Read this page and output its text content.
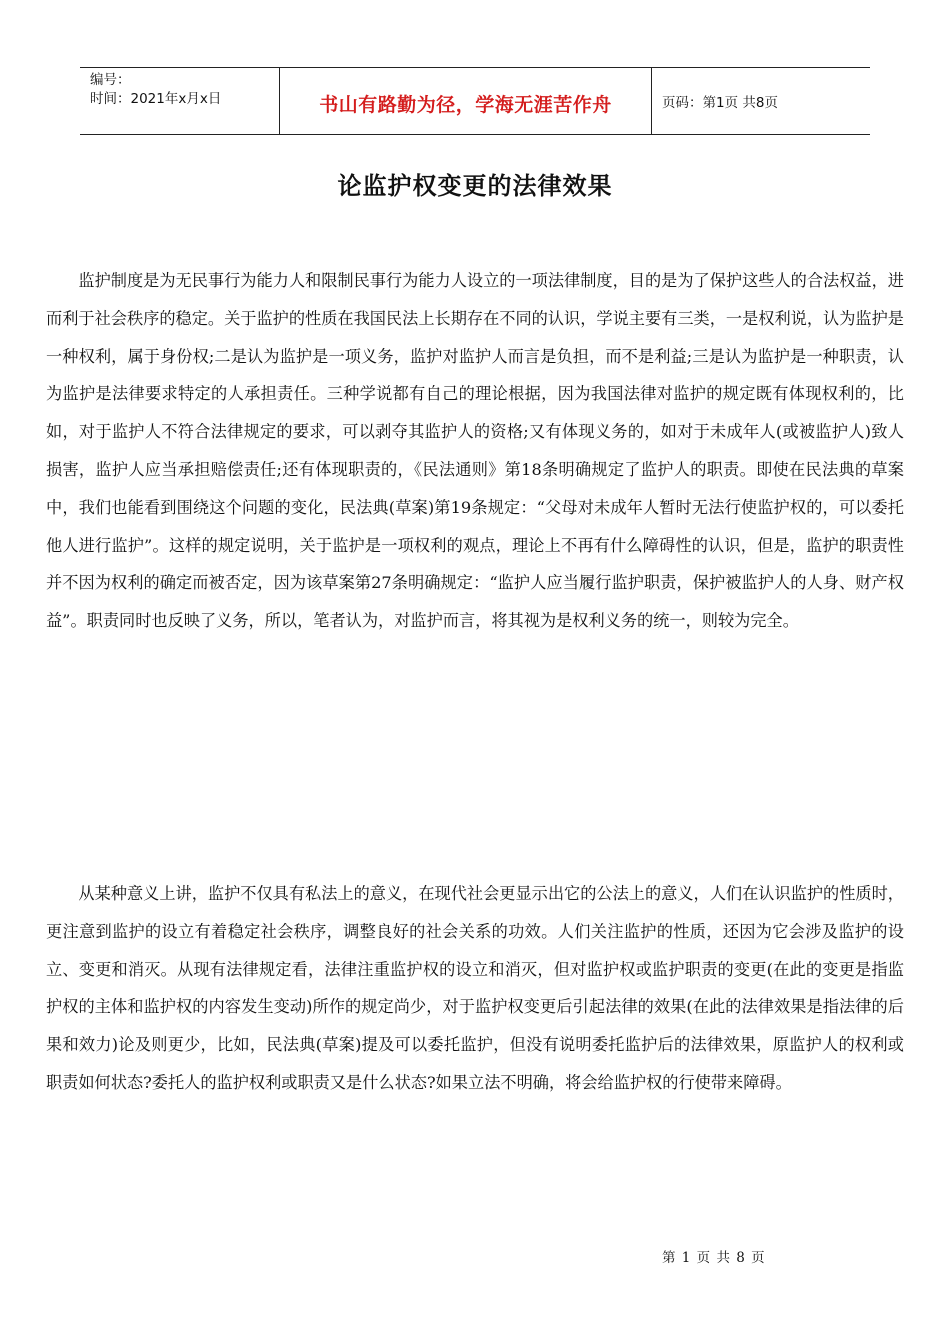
编号：
时间：2021年x月x日	书山有路勤为径，学海无涯苦作舟	页码：第1页 共8页
论监护权变更的法律效果

监护制度是为无民事行为能力人和限制民事行为能力人设立的一项法律制度，目的是为了保护这些人的合法权益，进而利于社会秩序的稳定。关于监护的性质在我国民法上长期存在不同的认识，学说主要有三类，一是权利说，认为监护是一种权利，属于身份权;二是认为监护是一项义务，监护对监护人而言是负担，而不是利益;三是认为监护是一种职责，认为监护是法律要求特定的人承担责任。三种学说都有自己的理论根据，因为我国法律对监护的规定既有体现权利的，比如，对于监护人不符合法律规定的要求，可以剥夺其监护人的资格;又有体现义务的，如对于未成年人(或被监护人)致人损害，监护人应当承担赔偿责任;还有体现职责的，《民法通则》第18条明确规定了监护人的职责。即使在民法典的草案中，我们也能看到围绕这个问题的变化，民法典(草案)第19条规定：“父母对未成年人暂时无法行使监护权的，可以委托他人进行监护”。这样的规定说明，关于监护是一项权利的观点，理论上不再有什么障碍性的认识，但是，监护的职责性并不因为权利的确定而被否定，因为该草案第27条明确规定：“监护人应当履行监护职责，保护被监护人的人身、财产权益”。职责同时也反映了义务，所以，笔者认为，对监护而言，将其视为是权利义务的统一，则较为完全。

从某种意义上讲，监护不仅具有私法上的意义，在现代社会更显示出它的公法上的意义，人们在认识监护的性质时，更注意到监护的设立有着稳定社会秩序，调整良好的社会关系的功效。人们关注监护的性质，还因为它会涉及监护的设立、变更和消灭。从现有法律规定看，法律注重监护权的设立和消灭，但对监护权或监护职责的变更(在此的变更是指监护权的主体和监护权的内容发生变动)所作的规定尚少，对于监护权变更后引起法律的效果(在此的法律效果是指法律的后果和效力)论及则更少，比如，民法典(草案)提及可以委托监护，但没有说明委托监护后的法律效果，原监护人的权利或职责如何状态?委托人的监护权利或职责又是什么状态?如果立法不明确，将会给监护权的行使带来障碍。

第 1 页 共 8 页
